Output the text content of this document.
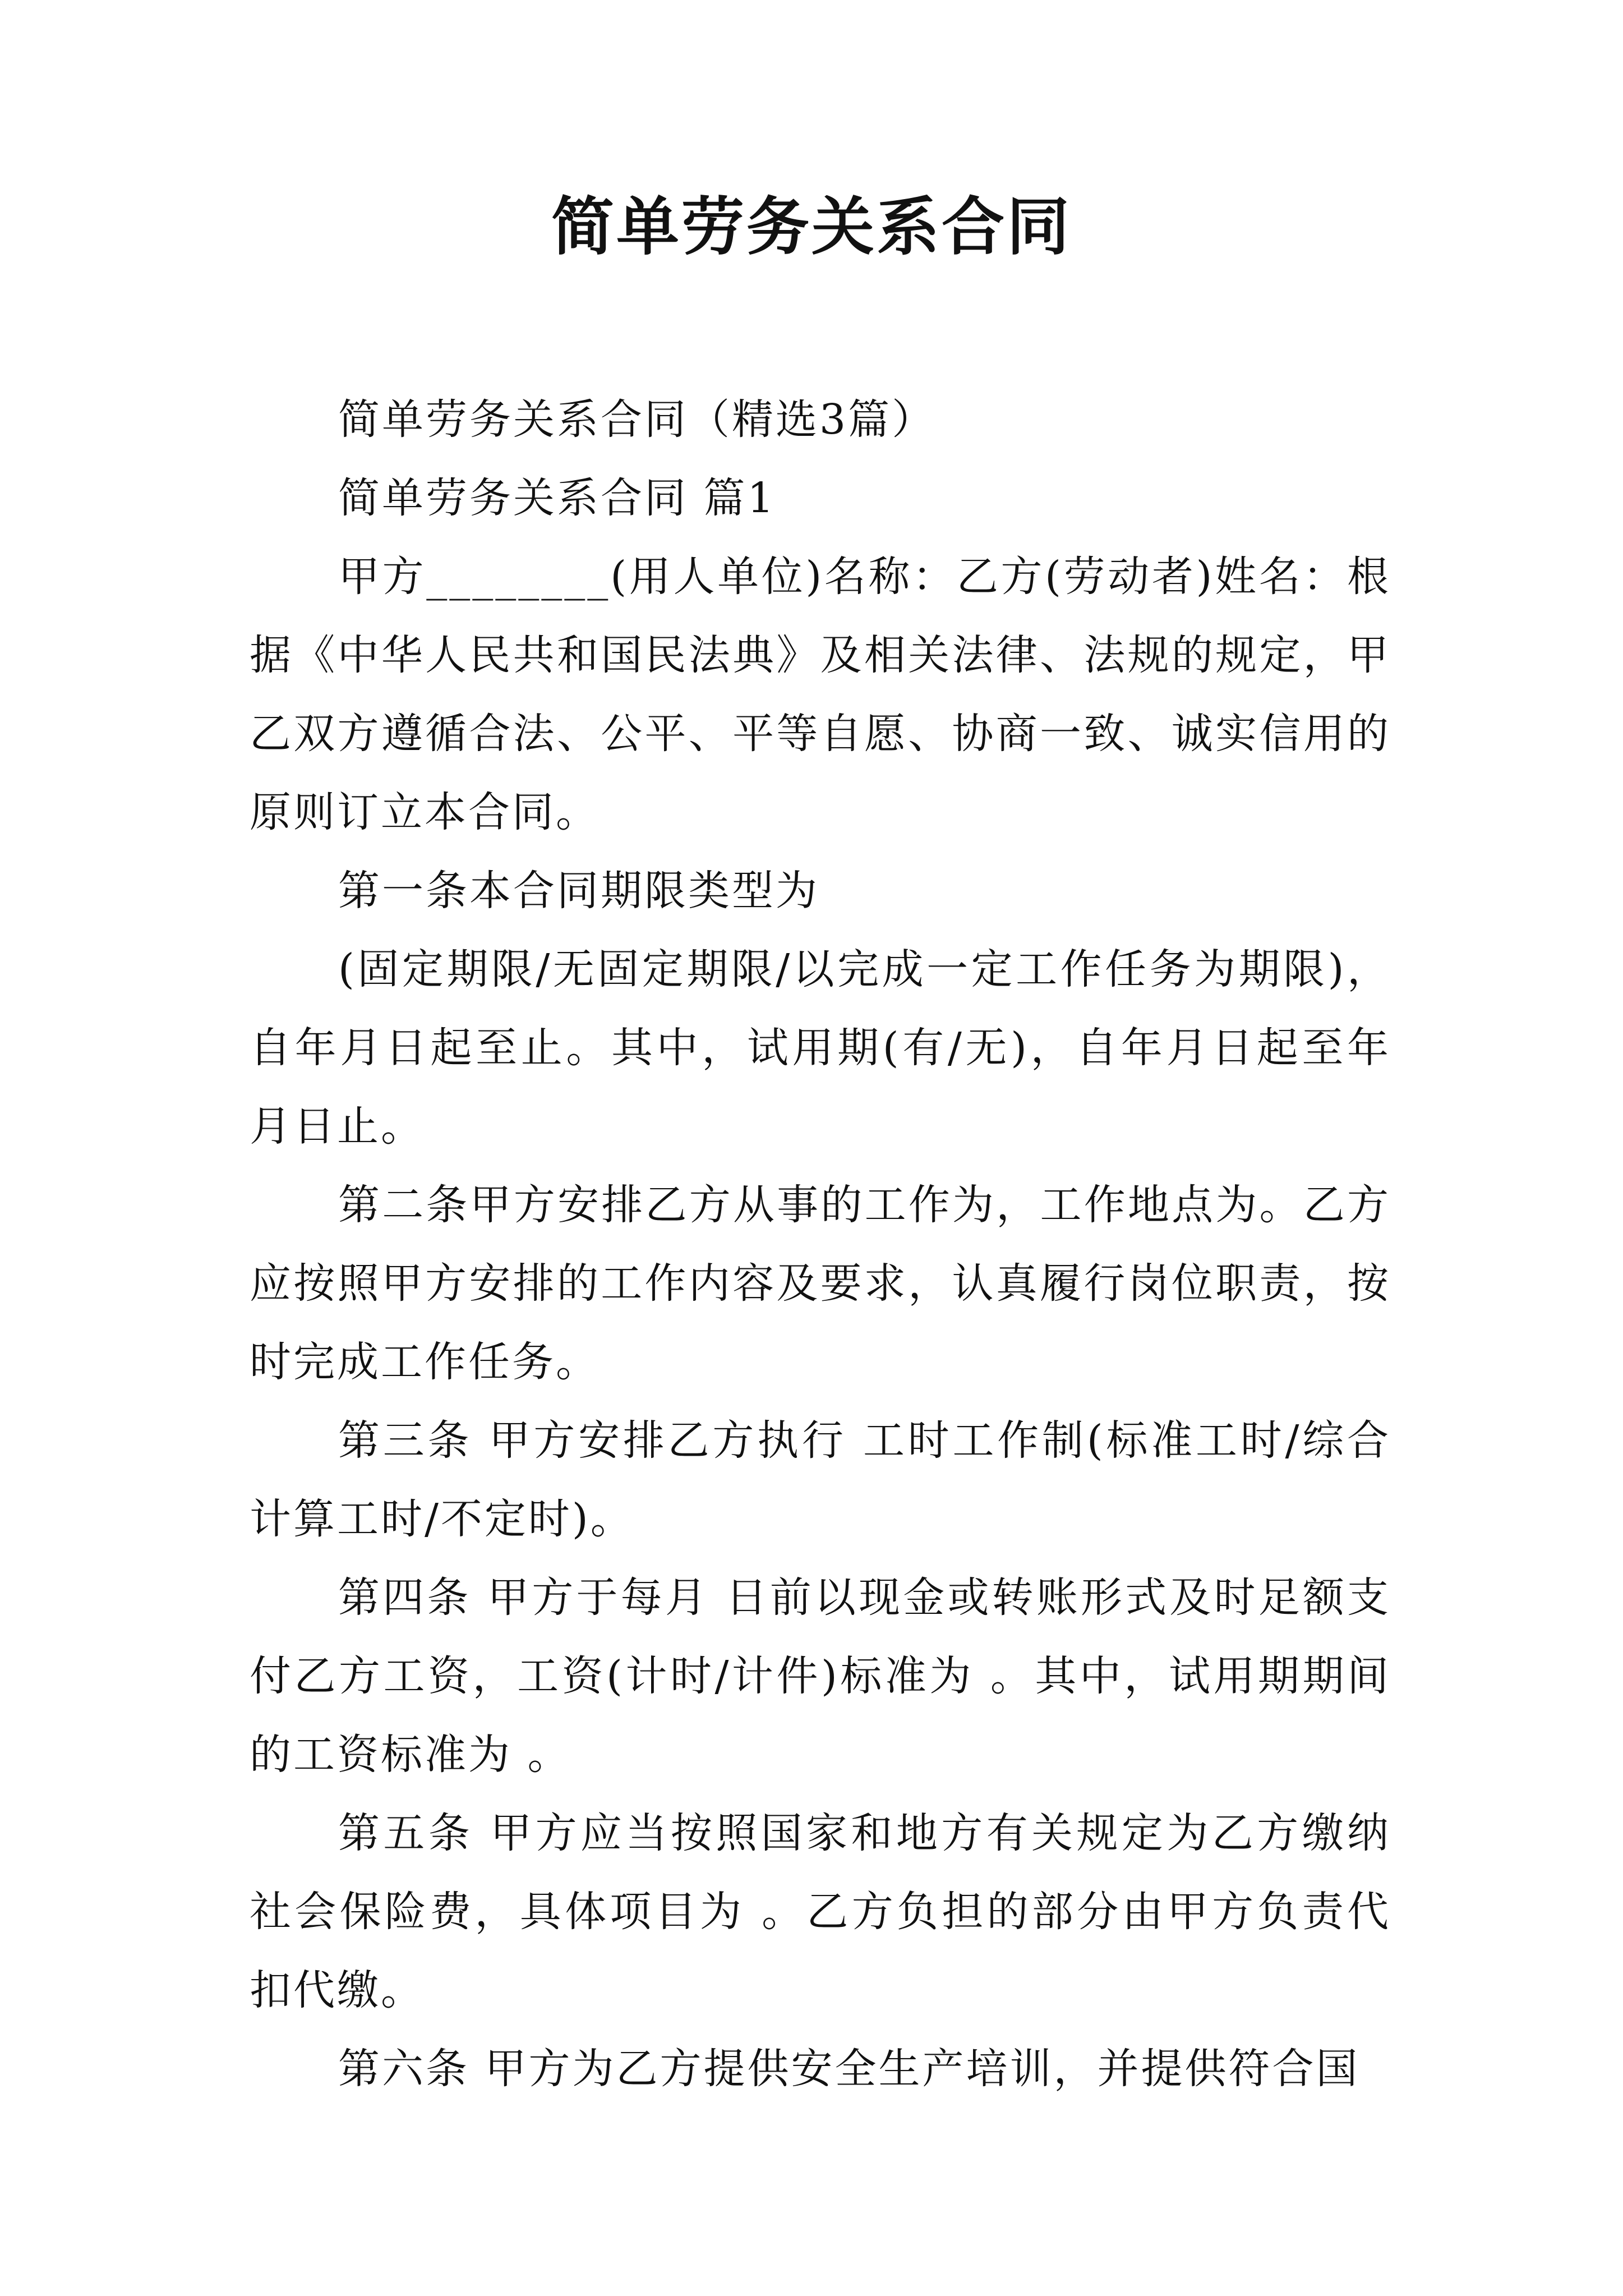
简单劳务关系合同

简单劳务关系合同（精选3篇）

简单劳务关系合同 篇1

甲方________(用人单位)名称：乙方(劳动者)姓名：根据《中华人民共和国民法典》及相关法律、法规的规定，甲乙双方遵循合法、公平、平等自愿、协商一致、诚实信用的原则订立本合同。

第一条本合同期限类型为

(固定期限/无固定期限/以完成一定工作任务为期限)，自年月日起至止。其中，试用期(有/无)，自年月日起至年月日止。

第二条甲方安排乙方从事的工作为，工作地点为。乙方应按照甲方安排的工作内容及要求，认真履行岗位职责，按时完成工作任务。

第三条 甲方安排乙方执行 工时工作制(标准工时/综合计算工时/不定时)。

第四条 甲方于每月 日前以现金或转账形式及时足额支付乙方工资，工资(计时/计件)标准为 。其中，试用期期间的工资标准为 。

第五条 甲方应当按照国家和地方有关规定为乙方缴纳社会保险费，具体项目为 。乙方负担的部分由甲方负责代扣代缴。

第六条 甲方为乙方提供安全生产培训，并提供符合国
